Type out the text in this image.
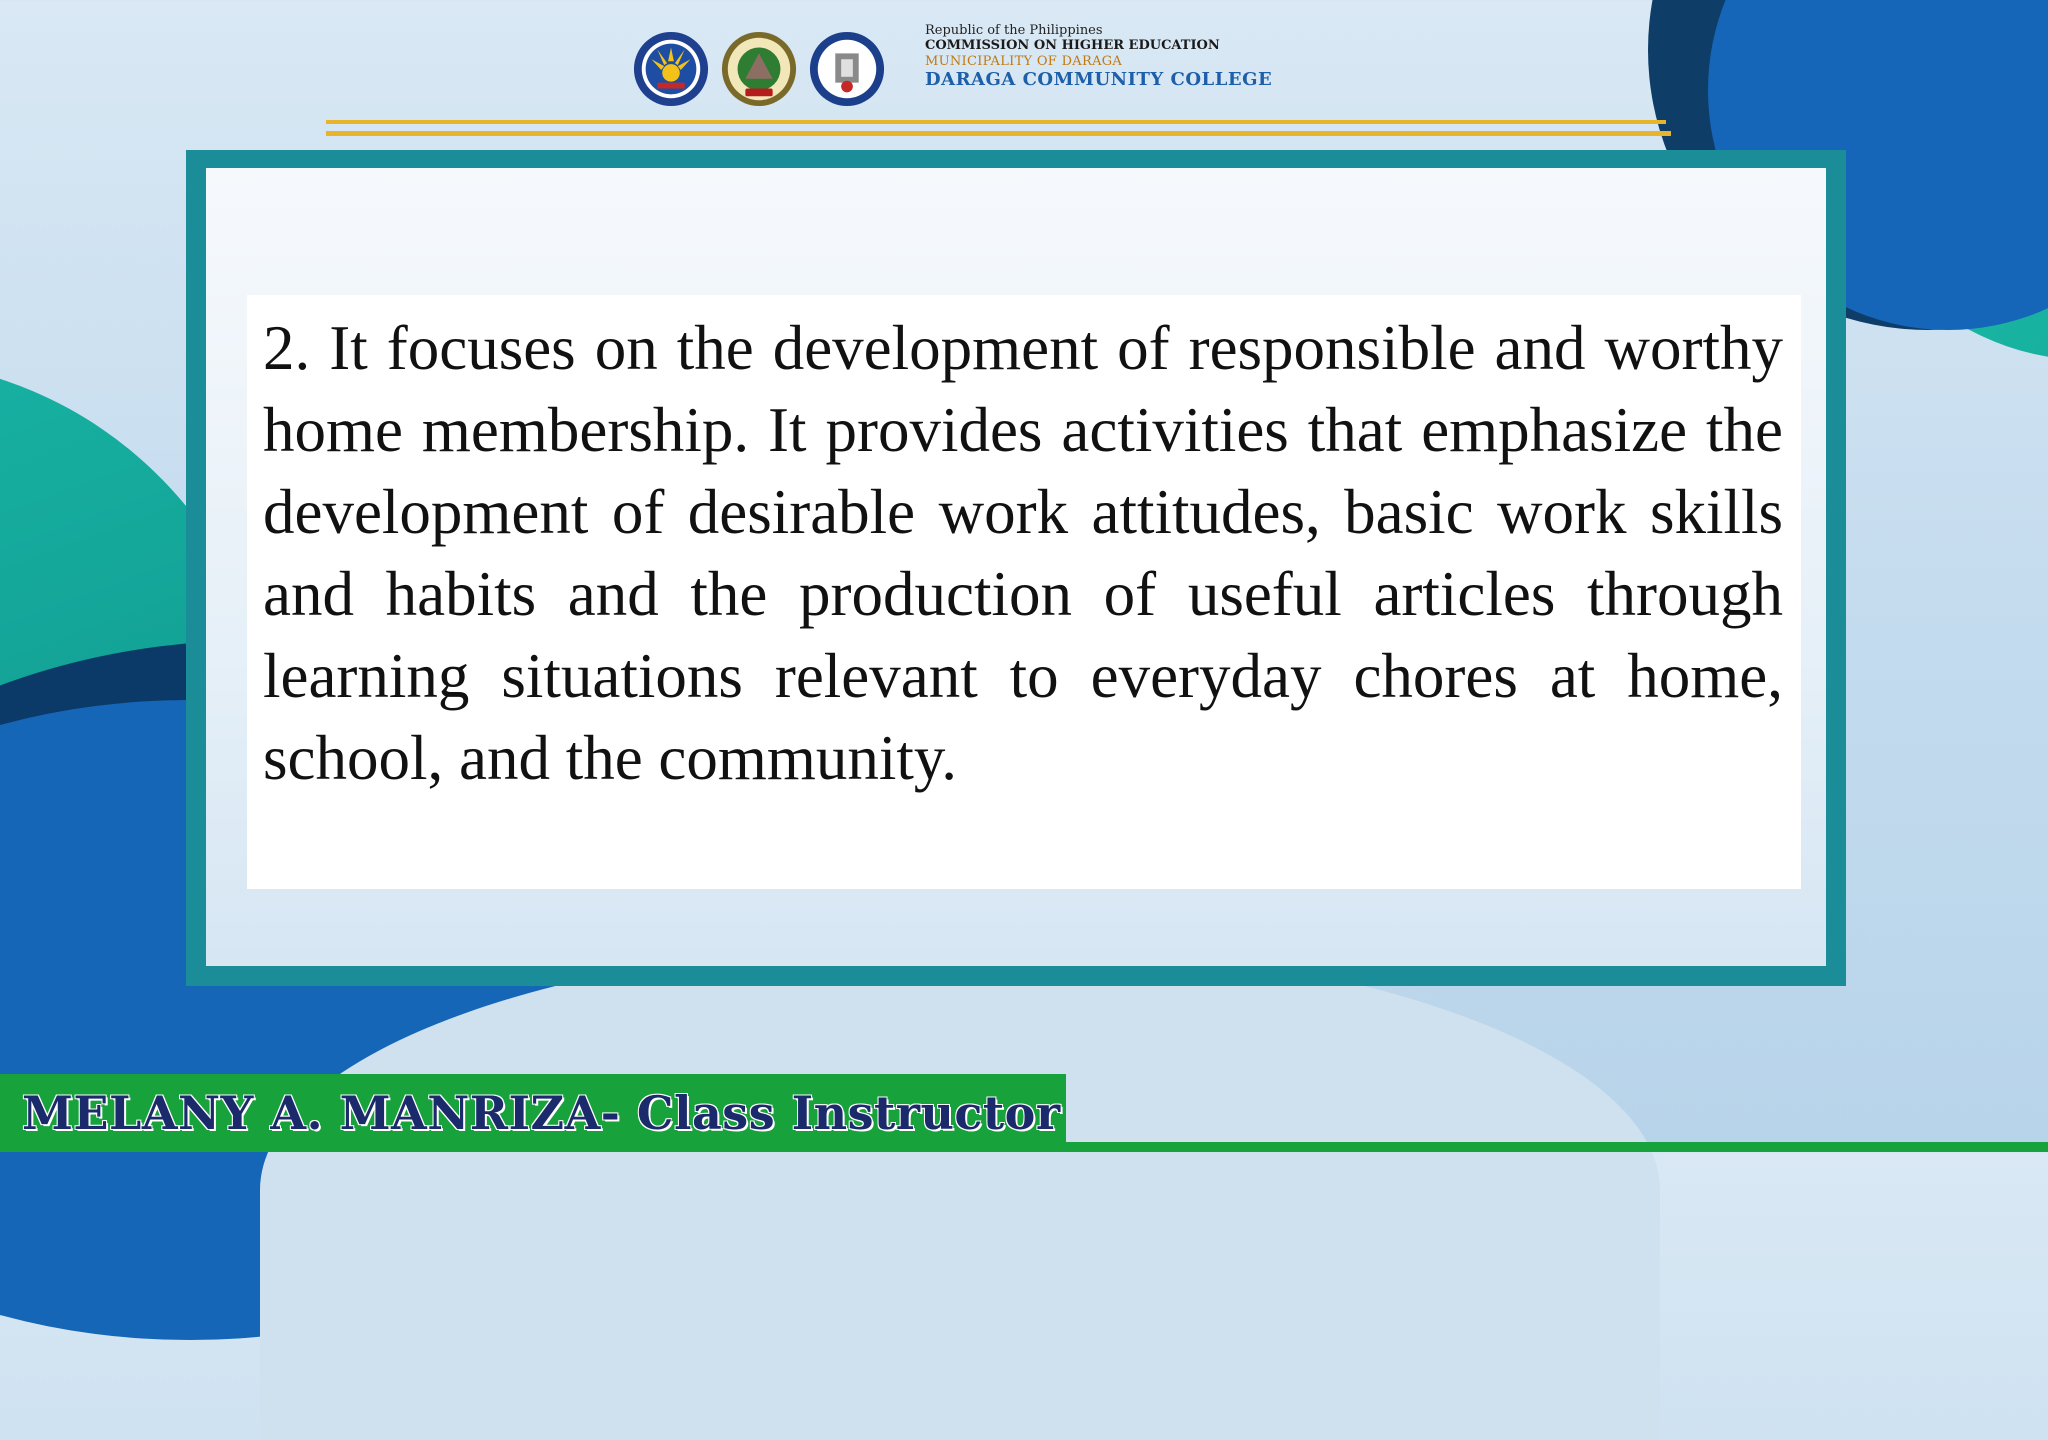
Republic of the Philippines
COMMISSION ON HIGHER EDUCATION
MUNICIPALITY OF DARAGA
DARAGA COMMUNITY COLLEGE

2. It focuses on the development of responsible and worthy home membership. It provides activities that emphasize the development of desirable work attitudes, basic work skills and habits and the production of useful articles through learning situations relevant to everyday chores at home, school, and the community.

MELANY A. MANRIZA- Class Instructor
